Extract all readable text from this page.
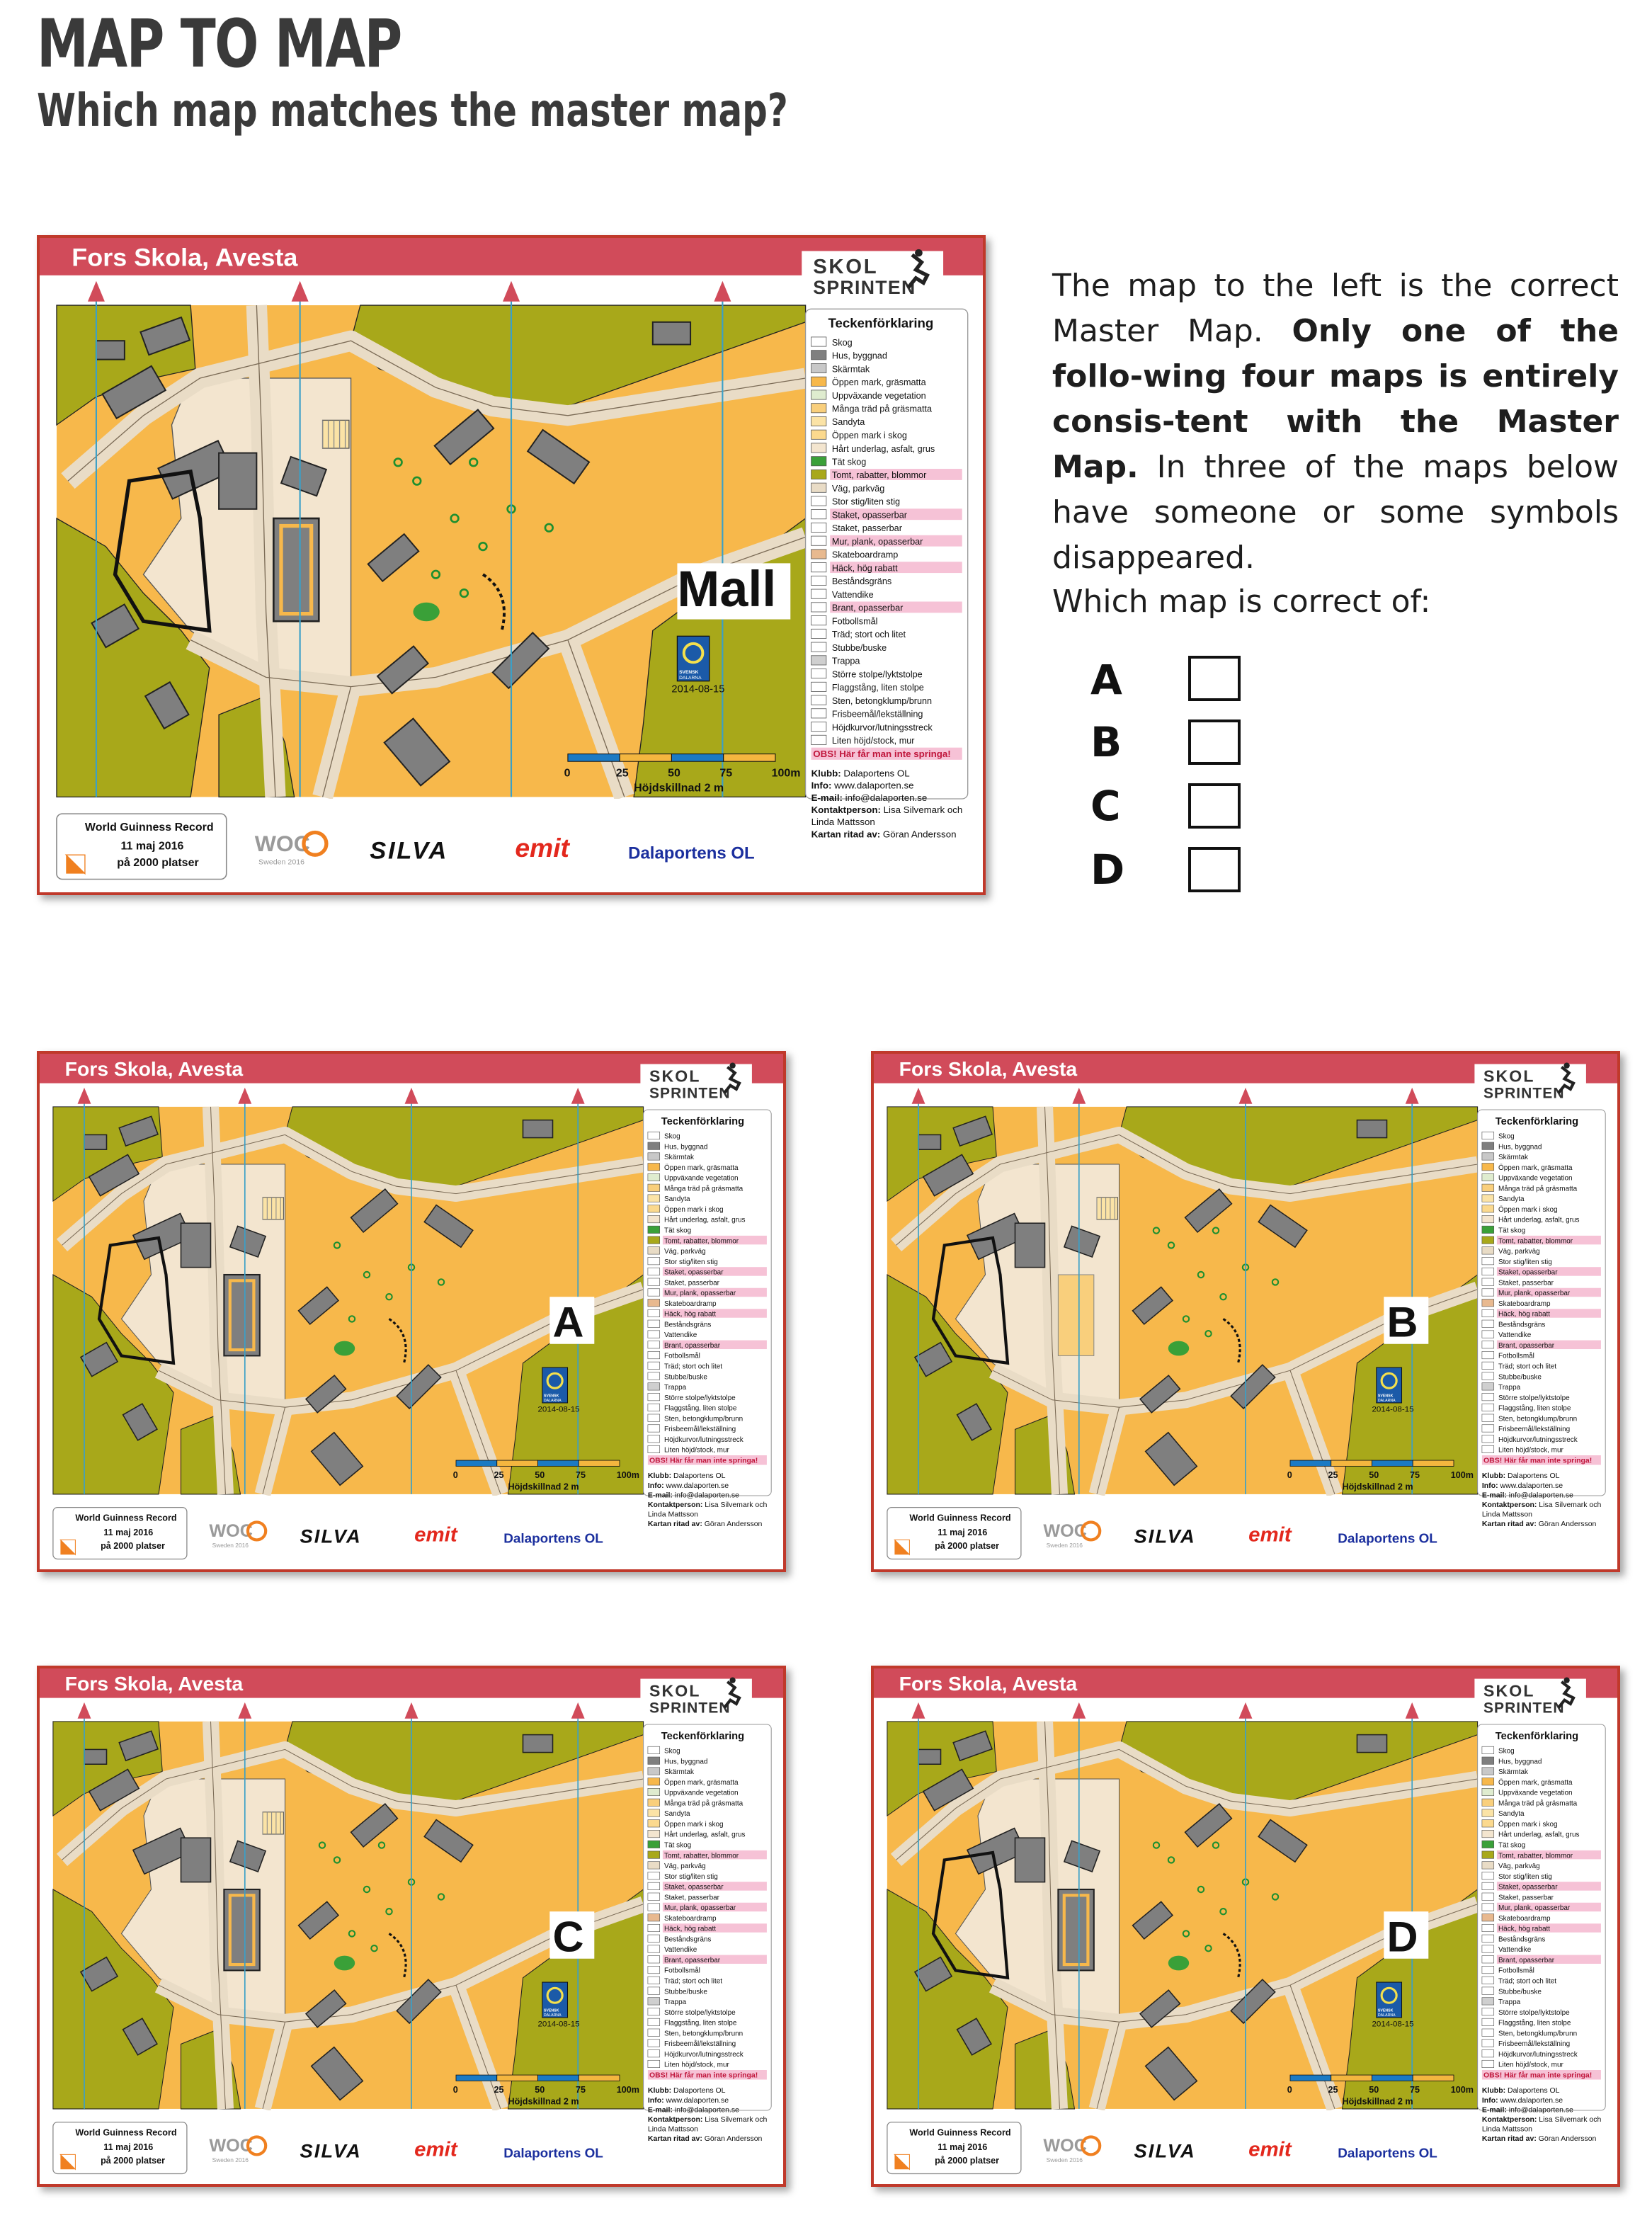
MAP TO MAP
Which map matches the master map?
The map to the left is the correct Master Map. Only one of the follo-wing four maps is entirely consis-tent with the Master Map. In three of the maps below have someone or some symbols disappeared.
Which map is correct of:
A
B
C
D
Fors Skola, Avesta	SKOL
SPRINTEN
Mall
SVENSK
DALARNA
2014-08-15
0	25	50	75	100m
Höjdskillnad 2 m
Teckenförklaring
Skog
Hus, byggnad
Skärmtak
Öppen mark, gräsmatta
Uppväxande vegetation
Många träd på gräsmatta
Sandyta
Öppen mark i skog
Hårt underlag, asfalt, grus
Tät skog
Tomt, rabatter, blommor
Väg, parkväg
Stor stig/liten stig
Staket, opasserbar
Staket, passerbar
Mur, plank, opasserbar
Skateboardramp
Häck, hög rabatt
Beståndsgräns
Vattendike
Brant, opasserbar
Fotbollsmål
Träd; stort och litet
Stubbe/buske
Trappa
Större stolpe/lyktstolpe
Flaggstång, liten stolpe
Sten, betongklump/brunn
Frisbeemål/lekställning
Höjdkurvor/lutningsstreck
Liten höjd/stock, mur
OBS! Här får man inte springa!
Klubb: Dalaportens OL
Info: www.dalaporten.se
E-mail: info@dalaporten.se
Kontaktperson: Lisa Silvemark och
Linda Mattsson
Kartan ritad av: Göran Andersson
World Guinness Record
11 maj 2016
på 2000 platser
WOC
Sweden 2016	SILVA	emit	Dalaportens OL
Fors Skola, Avesta	SKOL
SPRINTEN
A
SVENSK
DALARNA
2014-08-15
0	25	50	75	100m
Höjdskillnad 2 m
Teckenförklaring
Skog
Hus, byggnad
Skärmtak
Öppen mark, gräsmatta
Uppväxande vegetation
Många träd på gräsmatta
Sandyta
Öppen mark i skog
Hårt underlag, asfalt, grus
Tät skog
Tomt, rabatter, blommor
Väg, parkväg
Stor stig/liten stig
Staket, opasserbar
Staket, passerbar
Mur, plank, opasserbar
Skateboardramp
Häck, hög rabatt
Beståndsgräns
Vattendike
Brant, opasserbar
Fotbollsmål
Träd; stort och litet
Stubbe/buske
Trappa
Större stolpe/lyktstolpe
Flaggstång, liten stolpe
Sten, betongklump/brunn
Frisbeemål/lekställning
Höjdkurvor/lutningsstreck
Liten höjd/stock, mur
OBS! Här får man inte springa!
Klubb: Dalaportens OL
Info: www.dalaporten.se
E-mail: info@dalaporten.se
Kontaktperson: Lisa Silvemark och
Linda Mattsson
Kartan ritad av: Göran Andersson
World Guinness Record
11 maj 2016
på 2000 platser
WOC
Sweden 2016	SILVA	emit	Dalaportens OL
Fors Skola, Avesta	SKOL
SPRINTEN
B
SVENSK
DALARNA
2014-08-15
0	25	50	75	100m
Höjdskillnad 2 m
Teckenförklaring
Skog
Hus, byggnad
Skärmtak
Öppen mark, gräsmatta
Uppväxande vegetation
Många träd på gräsmatta
Sandyta
Öppen mark i skog
Hårt underlag, asfalt, grus
Tät skog
Tomt, rabatter, blommor
Väg, parkväg
Stor stig/liten stig
Staket, opasserbar
Staket, passerbar
Mur, plank, opasserbar
Skateboardramp
Häck, hög rabatt
Beståndsgräns
Vattendike
Brant, opasserbar
Fotbollsmål
Träd; stort och litet
Stubbe/buske
Trappa
Större stolpe/lyktstolpe
Flaggstång, liten stolpe
Sten, betongklump/brunn
Frisbeemål/lekställning
Höjdkurvor/lutningsstreck
Liten höjd/stock, mur
OBS! Här får man inte springa!
Klubb: Dalaportens OL
Info: www.dalaporten.se
E-mail: info@dalaporten.se
Kontaktperson: Lisa Silvemark och
Linda Mattsson
Kartan ritad av: Göran Andersson
World Guinness Record
11 maj 2016
på 2000 platser
WOC
Sweden 2016	SILVA	emit	Dalaportens OL
Fors Skola, Avesta	SKOL
SPRINTEN
C
SVENSK
DALARNA
2014-08-15
0	25	50	75	100m
Höjdskillnad 2 m
Teckenförklaring
Skog
Hus, byggnad
Skärmtak
Öppen mark, gräsmatta
Uppväxande vegetation
Många träd på gräsmatta
Sandyta
Öppen mark i skog
Hårt underlag, asfalt, grus
Tät skog
Tomt, rabatter, blommor
Väg, parkväg
Stor stig/liten stig
Staket, opasserbar
Staket, passerbar
Mur, plank, opasserbar
Skateboardramp
Häck, hög rabatt
Beståndsgräns
Vattendike
Brant, opasserbar
Fotbollsmål
Träd; stort och litet
Stubbe/buske
Trappa
Större stolpe/lyktstolpe
Flaggstång, liten stolpe
Sten, betongklump/brunn
Frisbeemål/lekställning
Höjdkurvor/lutningsstreck
Liten höjd/stock, mur
OBS! Här får man inte springa!
Klubb: Dalaportens OL
Info: www.dalaporten.se
E-mail: info@dalaporten.se
Kontaktperson: Lisa Silvemark och
Linda Mattsson
Kartan ritad av: Göran Andersson
World Guinness Record
11 maj 2016
på 2000 platser
WOC
Sweden 2016	SILVA	emit	Dalaportens OL
Fors Skola, Avesta	SKOL
SPRINTEN
D
SVENSK
DALARNA
2014-08-15
0	25	50	75	100m
Höjdskillnad 2 m
Teckenförklaring
Skog
Hus, byggnad
Skärmtak
Öppen mark, gräsmatta
Uppväxande vegetation
Många träd på gräsmatta
Sandyta
Öppen mark i skog
Hårt underlag, asfalt, grus
Tät skog
Tomt, rabatter, blommor
Väg, parkväg
Stor stig/liten stig
Staket, opasserbar
Staket, passerbar
Mur, plank, opasserbar
Skateboardramp
Häck, hög rabatt
Beståndsgräns
Vattendike
Brant, opasserbar
Fotbollsmål
Träd; stort och litet
Stubbe/buske
Trappa
Större stolpe/lyktstolpe
Flaggstång, liten stolpe
Sten, betongklump/brunn
Frisbeemål/lekställning
Höjdkurvor/lutningsstreck
Liten höjd/stock, mur
OBS! Här får man inte springa!
Klubb: Dalaportens OL
Info: www.dalaporten.se
E-mail: info@dalaporten.se
Kontaktperson: Lisa Silvemark och
Linda Mattsson
Kartan ritad av: Göran Andersson
World Guinness Record
11 maj 2016
på 2000 platser
WOC
Sweden 2016	SILVA	emit	Dalaportens OL
